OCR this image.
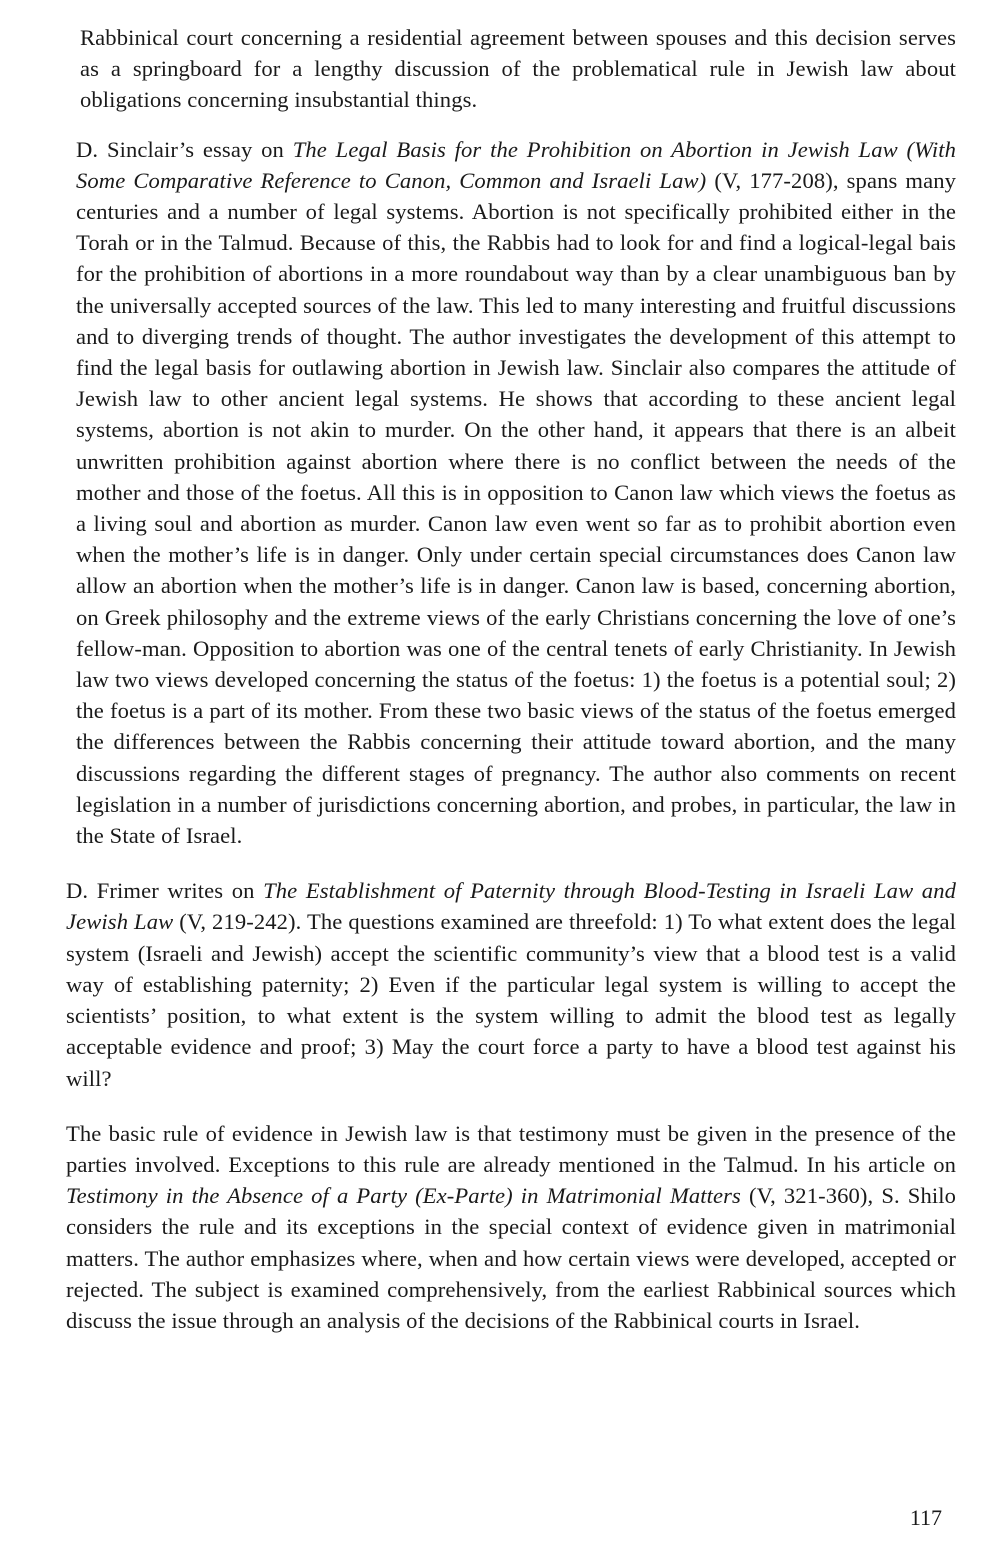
Rabbinical court concerning a residential agreement between spouses and this decision serves as a springboard for a lengthy discussion of the problematical rule in Jewish law about obligations concerning insubstantial things.

D. Sinclair’s essay on The Legal Basis for the Prohibition on Abortion in Jewish Law (With Some Comparative Reference to Canon, Common and Israeli Law) (V, 177-208), spans many centuries and a number of legal systems. Abortion is not specifically prohibited either in the Torah or in the Talmud. Because of this, the Rabbis had to look for and find a logical-legal bais for the prohibition of abortions in a more roundabout way than by a clear unambiguous ban by the universally accepted sources of the law. This led to many interesting and fruitful discussions and to diverging trends of thought. The author investigates the development of this attempt to find the legal basis for outlawing abortion in Jewish law. Sinclair also compares the attitude of Jewish law to other ancient legal systems. He shows that according to these ancient legal systems, abortion is not akin to murder. On the other hand, it appears that there is an albeit unwritten prohibition against abortion where there is no conflict between the needs of the mother and those of the foetus. All this is in opposition to Canon law which views the foetus as a living soul and abortion as murder. Canon law even went so far as to prohibit abortion even when the mother’s life is in danger. Only under certain special circumstances does Canon law allow an abortion when the mother’s life is in danger. Canon law is based, concerning abortion, on Greek philosophy and the extreme views of the early Christians concerning the love of one’s fellow-man. Opposition to abortion was one of the central tenets of early Christianity. In Jewish law two views developed concerning the status of the foetus: 1) the foetus is a potential soul; 2) the foetus is a part of its mother. From these two basic views of the status of the foetus emerged the differences between the Rabbis concerning their attitude toward abortion, and the many discussions regarding the different stages of pregnancy. The author also comments on recent legislation in a number of jurisdictions concerning abortion, and probes, in particular, the law in the State of Israel.

D. Frimer writes on The Establishment of Paternity through Blood-Testing in Israeli Law and Jewish Law (V, 219-242). The questions examined are threefold: 1) To what extent does the legal system (Israeli and Jewish) accept the scientific community’s view that a blood test is a valid way of establishing paternity; 2) Even if the particular legal system is willing to accept the scientists’ position, to what extent is the system willing to admit the blood test as legally acceptable evidence and proof; 3) May the court force a party to have a blood test against his will?

The basic rule of evidence in Jewish law is that testimony must be given in the presence of the parties involved. Exceptions to this rule are already mentioned in the Talmud. In his article on Testimony in the Absence of a Party (Ex-Parte) in Matrimonial Matters (V, 321-360), S. Shilo considers the rule and its exceptions in the special context of evidence given in matrimonial matters. The author emphasizes where, when and how certain views were developed, accepted or rejected. The subject is examined comprehensively, from the earliest Rabbinical sources which discuss the issue through an analysis of the decisions of the Rabbinical courts in Israel.

117
